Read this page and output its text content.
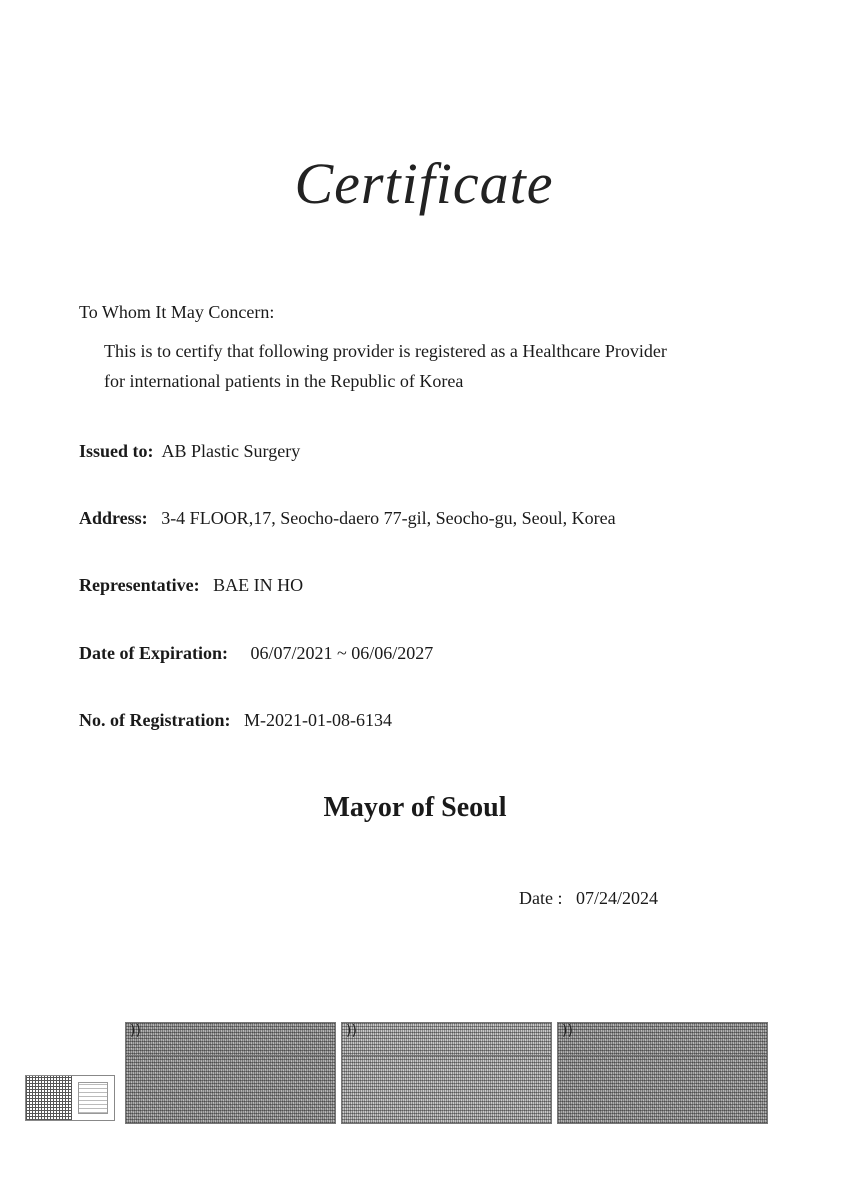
Certificate
To Whom It May Concern:
This is to certify that following provider is registered as a Healthcare Provider
for international patients in the Republic of Korea
Issued to: AB Plastic Surgery
Address: 3-4 FLOOR,17, Seocho-daero 77-gil, Seocho-gu, Seoul, Korea
Representative: BAE IN HO
Date of Expiration: 06/07/2021 ~ 06/06/2027
No. of Registration: M-2021-01-08-6134
Mayor of Seoul
Date : 07/24/2024
))	))	))
